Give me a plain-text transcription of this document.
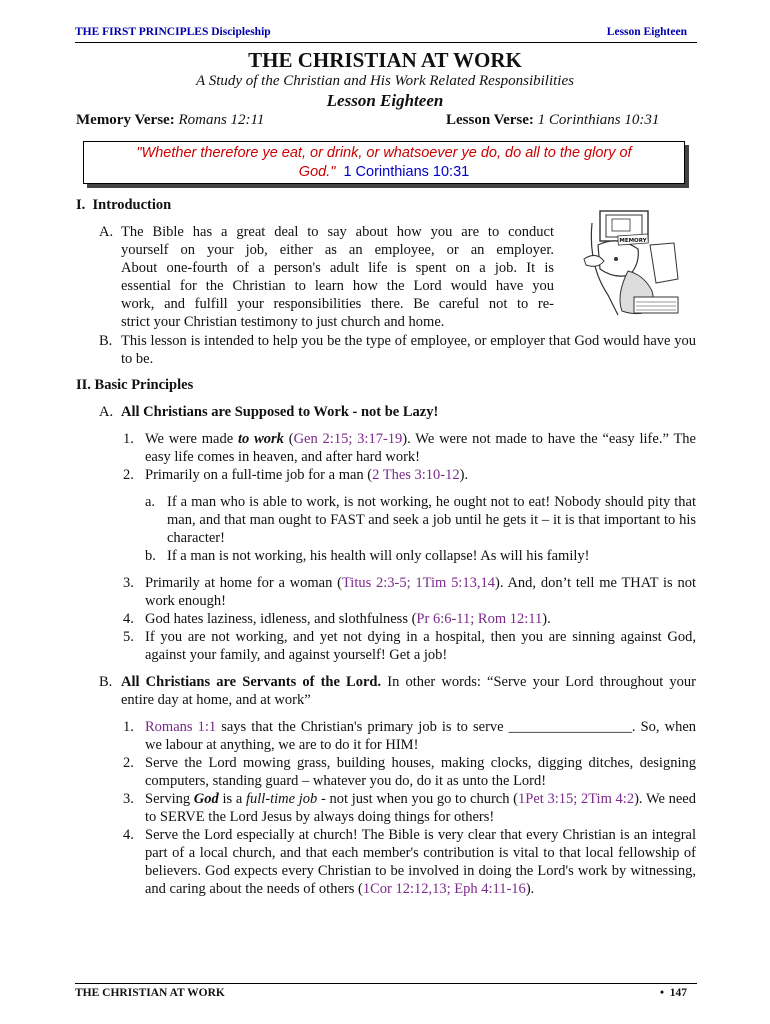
THE FIRST PRINCIPLES Discipleship	Lesson Eighteen
THE CHRISTIAN AT WORK
A Study of the Christian and His Work Related Responsibilities
Lesson Eighteen
Memory Verse: Romans 12:11	Lesson Verse: 1 Corinthians 10:31
"Whether therefore ye eat, or drink, or whatsoever ye do, do all to the glory of
God." 1 Corinthians 10:31
I. Introduction
A. The Bible has a great deal to say about how you are to conduct
yourself on your job, either as an employee, or an employer.
About one-fourth of a person's adult life is spent on a job. It is
essential for the Christian to learn how the Lord would have you
work, and fulfill your responsibilities there. Be careful not to re-
strict your Christian testimony to just church and home.
MEMORY
B. This lesson is intended to help you be the type of employee, or employer that God would have you to be.
II. Basic Principles
A. All Christians are Supposed to Work - not be Lazy!
1. We were made to work (Gen 2:15; 3:17-19). We were not made to have the “easy life.” The easy life comes in heaven, and after hard work!
2. Primarily on a full-time job for a man (2 Thes 3:10-12).
a. If a man who is able to work, is not working, he ought not to eat! Nobody should pity that man, and that man ought to FAST and seek a job until he gets it – it is that important to his character!
b. If a man is not working, his health will only collapse! As will his family!
3. Primarily at home for a woman (Titus 2:3-5; 1Tim 5:13,14). And, don’t tell me THAT is not work enough!
4. God hates laziness, idleness, and slothfulness (Pr 6:6-11; Rom 12:11).
5. If you are not working, and yet not dying in a hospital, then you are sinning against God, against your family, and against yourself! Get a job!
B. All Christians are Servants of the Lord. In other words: “Serve your Lord throughout your entire day at home, and at work”
1. Romans 1:1 says that the Christian's primary job is to serve _________________. So, when we labour at anything, we are to do it for HIM!
2. Serve the Lord mowing grass, building houses, making clocks, digging ditches, designing computers, standing guard – whatever you do, do it as unto the Lord!
3. Serving God is a full-time job - not just when you go to church (1Pet 3:15; 2Tim 4:2). We need to SERVE the Lord Jesus by always doing things for others!
4. Serve the Lord especially at church! The Bible is very clear that every Christian is an integral part of a local church, and that each member's contribution is vital to that local fellowship of believers. God expects every Christian to be involved in doing the Lord's work by witnessing, and caring about the needs of others (1Cor 12:12,13; Eph 4:11-16).
THE CHRISTIAN AT WORK	• 147
